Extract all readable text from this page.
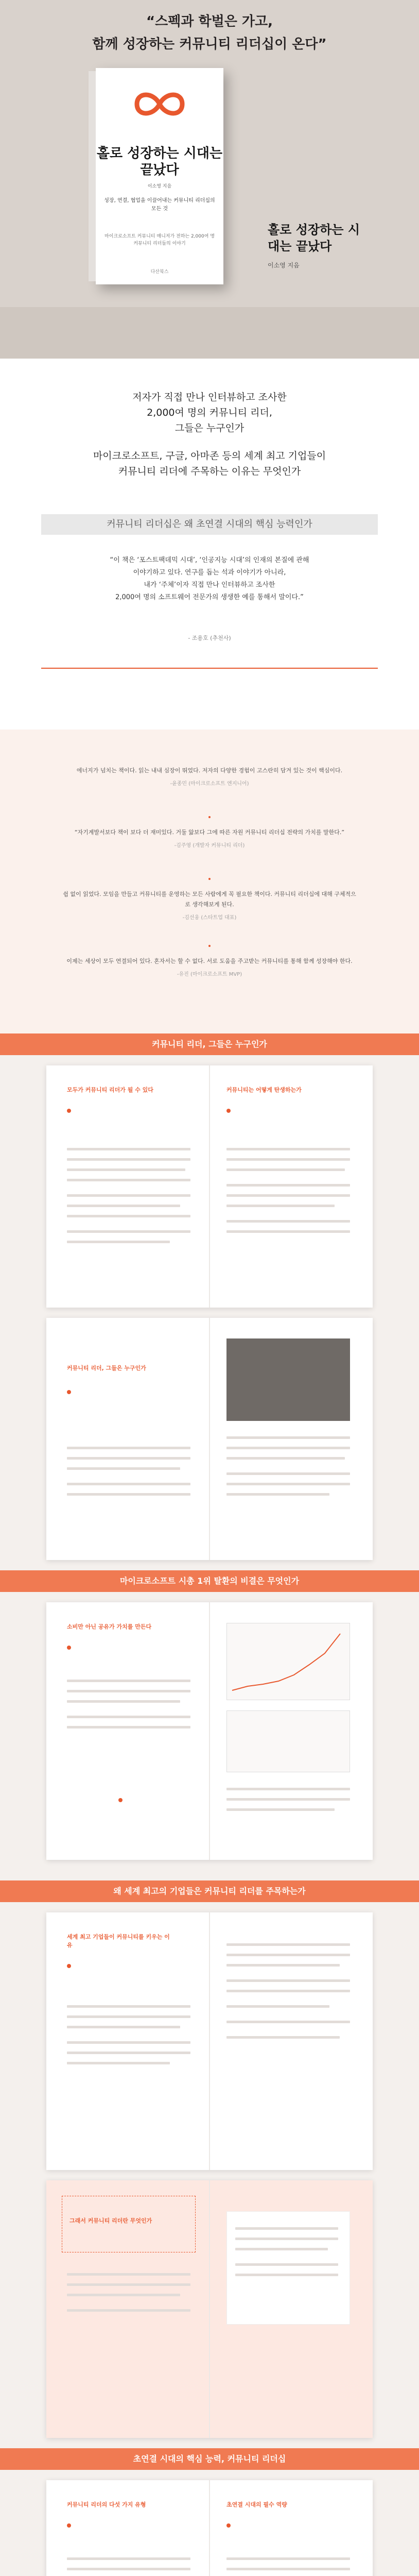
“스펙과 학벌은 가고,
함께 성장하는 커뮤니티 리더십이 온다”
홀로 성장하는 시대는 끝났다
이소영 지음
성장, 연결, 협업을 이끌어내는 커뮤니티 리더십의 모든 것
마이크로소프트 커뮤니티 매니저가 전하는 2,000여 명 커뮤니티 리더들의 이야기
다산북스
홀로 성장하는 시대는 끝났다
이소영 지음
저자가 직접 만나 인터뷰하고 조사한
2,000여 명의 커뮤니티 리더,
그들은 누구인가
마이크로소프트, 구글, 아마존 등의 세계 최고 기업들이
커뮤니티 리더에 주목하는 이유는 무엇인가
커뮤니티 리더십은 왜 초연결 시대의 핵심 능력인가
“이 책은 ‘포스트팩데믹 시대’, ‘인공지능 시대’의 인재의 본질에 관해
이야기하고 있다. 연구를 돕는 석과 이야기가 아니라,
내가 ‘주체’이자 직접 만나 인터뷰하고 조사한
2,000여 명의 소프트웨어 전문가의 생생한 예를 통해서 말이다.”
- 조용호 (추천사)
에너지가 넘치는 책이다. 읽는 내내 심장이 뛰었다. 저자의 다양한 경험이 고스란히 담겨 있는 것이 핵심이다.
-윤종민 (마이크로소프트 엔지니어)
“자기계발서보다 책이 보다 더 재미있다. 거둘 앎보다 그에 따른 자원 커뮤니티 리더십 전략의 가치를 말한다.”
-김주영 (개발자 커뮤니티 리더)
쉽 없이 읽었다. 모임을 만들고 커뮤니티를 운영하는 모든 사람에게 꼭 필요한 책이다. 커뮤니티 리더십에 대해 구체적으로 생각해보게 된다.
-김선웅 (스타트업 대표)
이제는 세상이 모두 연결되어 있다. 혼자서는 할 수 없다. 서로 도움을 주고받는 커뮤니티를 통해 함께 성장해야 한다.
-유진 (마이크로소프트 MVP)
커뮤니티 리더, 그들은 누구인가
모두가 커뮤니티 리더가 될 수 있다	커뮤니티는 어떻게 탄생하는가
커뮤니티 리더, 그들은 누구인가
마이크로소프트 시총 1위 탈환의 비결은 무엇인가
소비만 아닌 공유가 가치를 만든다
왜 세계 최고의 기업들은 커뮤니티 리더를 주목하는가
세계 최고 기업들이 커뮤니티를 키우는 이유
그래서 커뮤니티 리더란 무엇인가
초연결 시대의 핵심 능력, 커뮤니티 리더십
커뮤니티 리더의 다섯 가지 유형	초연결 시대의 필수 역량
